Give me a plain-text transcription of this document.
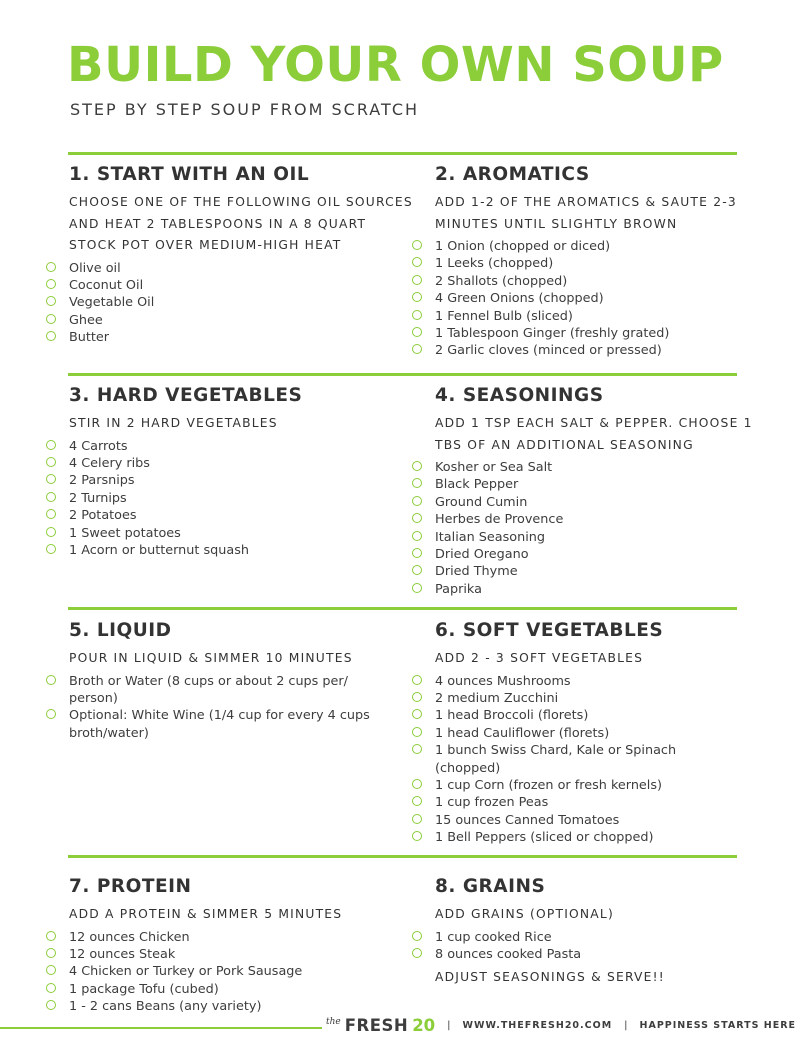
BUILD YOUR OWN SOUP
STEP BY STEP SOUP FROM SCRATCH
1. START WITH AN OIL
CHOOSE ONE OF THE FOLLOWING OIL SOURCES AND HEAT 2 TABLESPOONS IN A 8 QUART STOCK POT OVER MEDIUM-HIGH HEAT
Olive oil
Coconut Oil
Vegetable Oil
Ghee
Butter
2. AROMATICS
ADD 1-2 OF THE AROMATICS & SAUTE 2-3 MINUTES UNTIL SLIGHTLY BROWN
1 Onion (chopped or diced)
1 Leeks (chopped)
2 Shallots (chopped)
4 Green Onions (chopped)
1 Fennel Bulb (sliced)
1 Tablespoon Ginger (freshly grated)
2 Garlic cloves (minced or pressed)
3. HARD VEGETABLES
STIR IN 2 HARD VEGETABLES
4 Carrots
4 Celery ribs
2 Parsnips
2 Turnips
2 Potatoes
1 Sweet potatoes
1 Acorn or butternut squash
4. SEASONINGS
ADD 1 TSP EACH SALT & PEPPER. CHOOSE 1 TBS OF AN ADDITIONAL SEASONING
Kosher or Sea Salt
Black Pepper
Ground Cumin
Herbes de Provence
Italian Seasoning
Dried Oregano
Dried Thyme
Paprika
5. LIQUID
POUR IN LIQUID & SIMMER 10 MINUTES
Broth or Water (8 cups or about 2 cups per/ person)
Optional: White Wine (1/4 cup for every 4 cups broth/water)
6. SOFT VEGETABLES
ADD 2 - 3 SOFT VEGETABLES
4 ounces Mushrooms
2 medium Zucchini
1 head Broccoli (florets)
1 head Cauliflower (florets)
1 bunch Swiss Chard, Kale or Spinach (chopped)
1 cup Corn (frozen or fresh kernels)
1 cup frozen Peas
15 ounces Canned Tomatoes
1 Bell Peppers (sliced or chopped)
7. PROTEIN
ADD A PROTEIN & SIMMER 5 MINUTES
12 ounces Chicken
12 ounces Steak
4 Chicken or Turkey or Pork Sausage
1 package Tofu (cubed)
1 - 2 cans Beans (any variety)
8. GRAINS
ADD GRAINS (OPTIONAL)
1 cup cooked Rice
8 ounces cooked Pasta
ADJUST SEASONINGS & SERVE!!
the FRESH 20 | WWW.THEFRESH20.COM | HAPPINESS STARTS HERE
